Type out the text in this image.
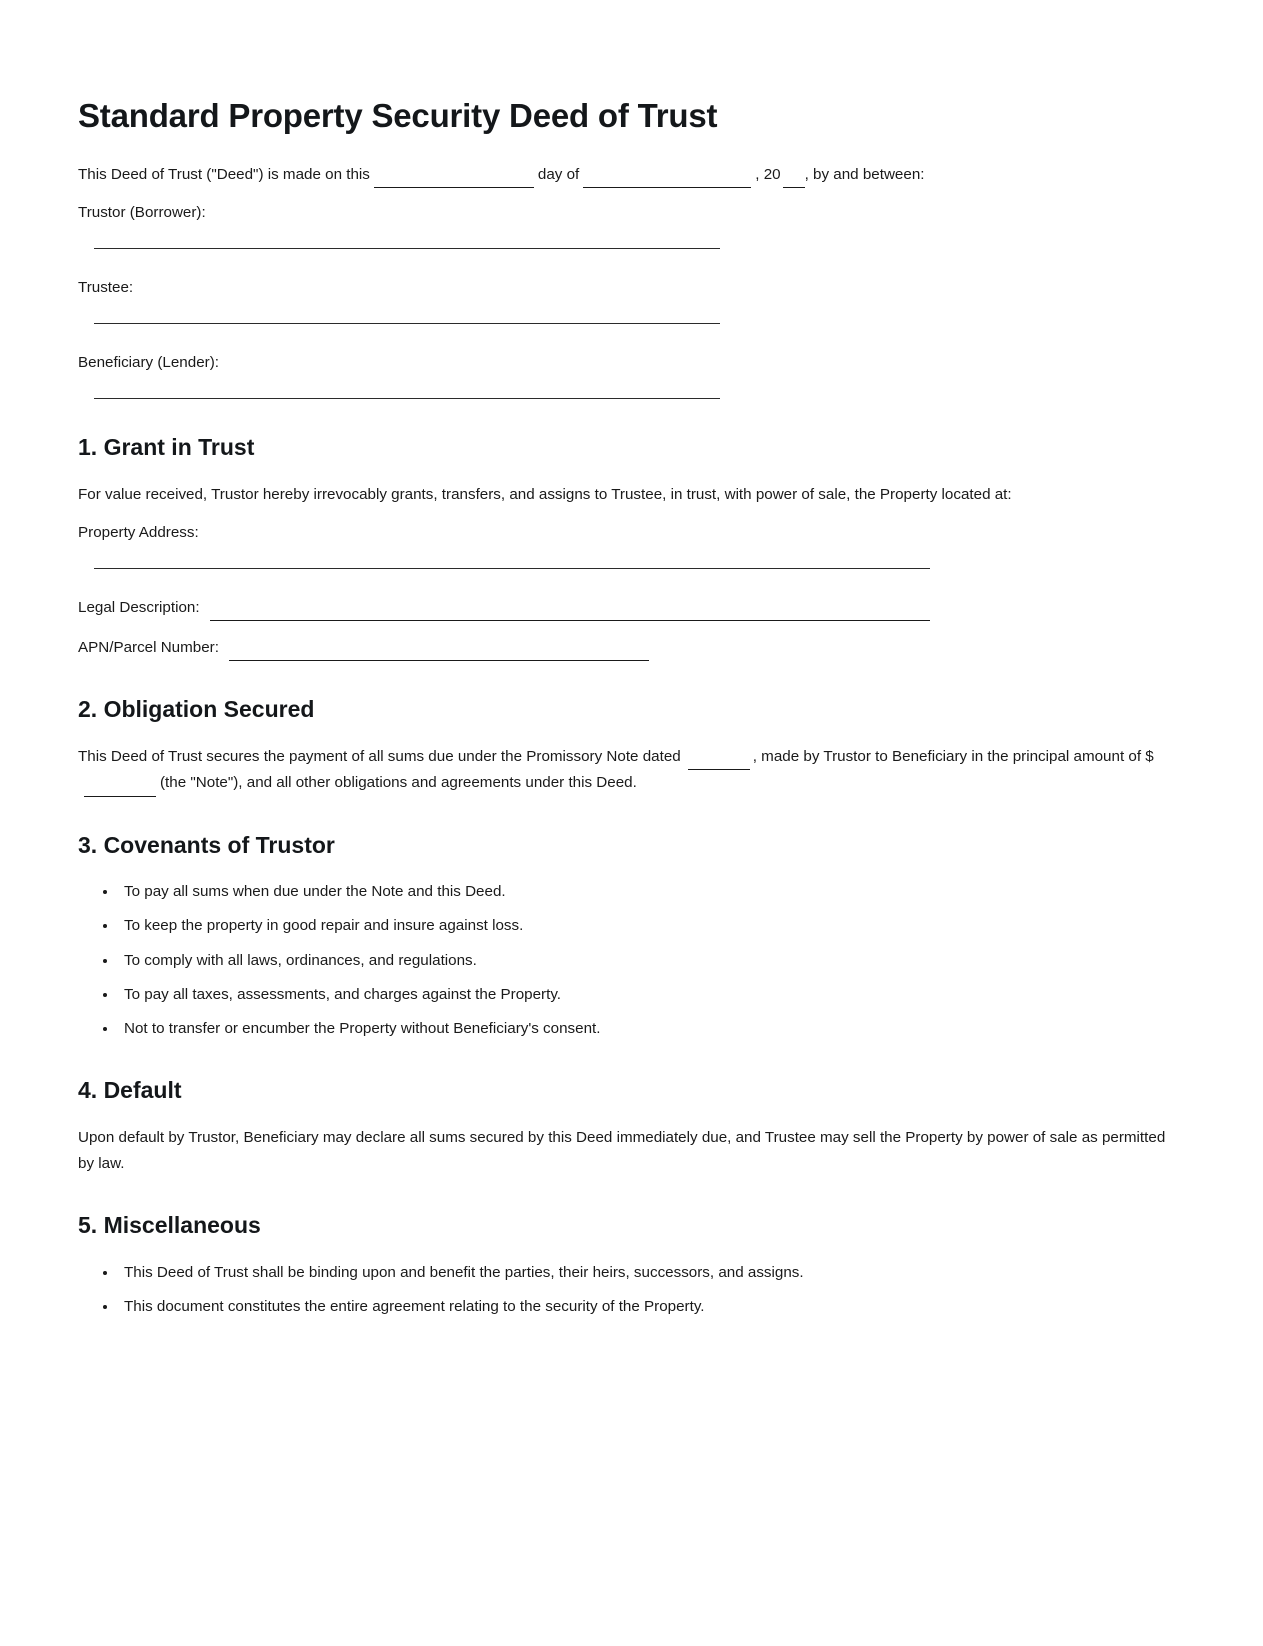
Standard Property Security Deed of Trust

This Deed of Trust ("Deed") is made on this	day of	, 20 , by and between:

Trustor (Borrower):
Trustee:
Beneficiary (Lender):
1. Grant in Trust

For value received, Trustor hereby irrevocably grants, transfers, and assigns to Trustee, in trust, with power of sale, the Property located at:

Property Address:
Legal Description:
APN/Parcel Number:
2. Obligation Secured

This Deed of Trust secures the payment of all sums due under the Promissory Note dated	, made by Trustor to Beneficiary in the principal amount of $(the "Note"), and all other obligations and agreements under this Deed.

3. Covenants of Trustor
• To pay all sums when due under the Note and this Deed.
• To keep the property in good repair and insure against loss.
• To comply with all laws, ordinances, and regulations.
• To pay all taxes, assessments, and charges against the Property.
• Not to transfer or encumber the Property without Beneficiary's consent.
4. Default

Upon default by Trustor, Beneficiary may declare all sums secured by this Deed immediately due, and Trustee may sell the Property by power of sale as permitted by law.

5. Miscellaneous
• This Deed of Trust shall be binding upon and benefit the parties, their heirs, successors, and assigns.
• This document constitutes the entire agreement relating to the security of the Property.
